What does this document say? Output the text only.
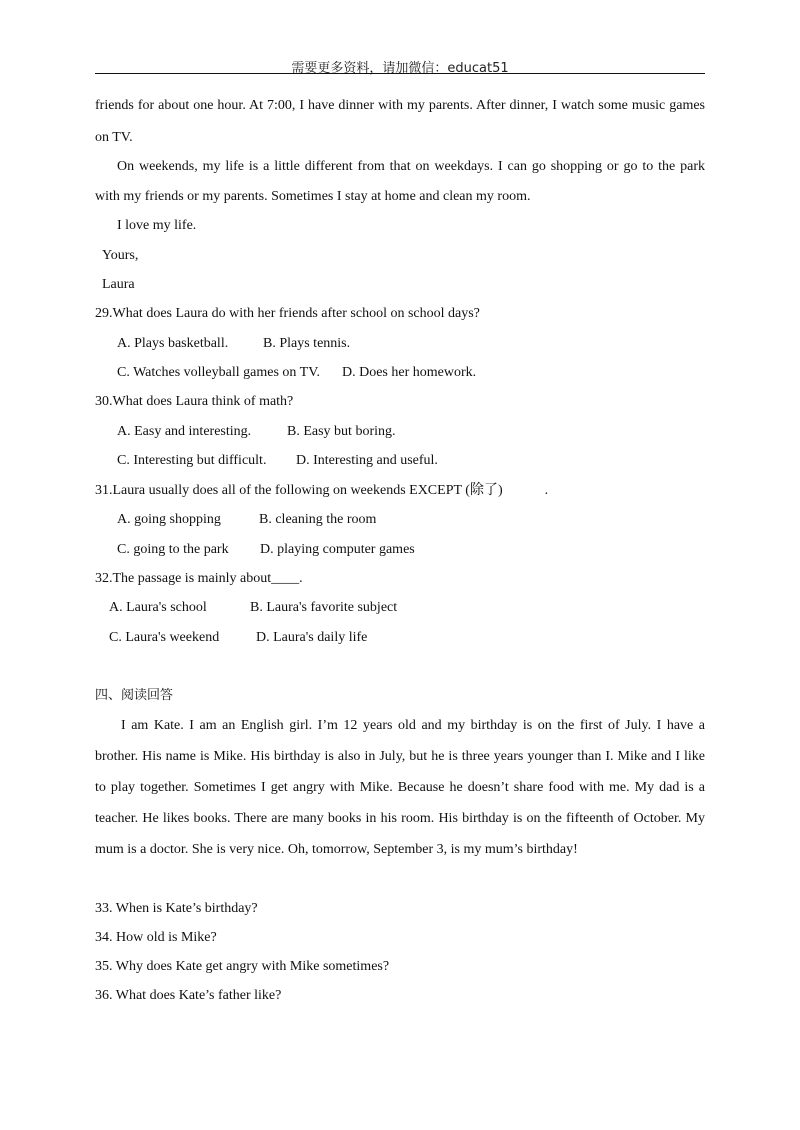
需要更多资料，请加微信：educat51
friends for about one hour. At 7:00, I have dinner with my parents. After dinner, I watch some music games
on TV.
On weekends, my life is a little different from that on weekdays. I can go shopping or go to the park
with my friends or my parents. Sometimes I stay at home and clean my room.
I love my life.
Yours,
Laura
29.What does Laura do with her friends after school on school days?
A. Plays basketball. B. Plays tennis.
C. Watches volleyball games on TV. D. Does her homework.
30.What does Laura think of math?
A. Easy and interesting.	B. Easy but boring.
C. Interesting but difficult. D. Interesting and useful.
31.Laura usually does all of the following on weekends EXCEPT (除了)　　　.
A. going shopping	B. cleaning the room
C. going to the park D. playing computer games
32.The passage is mainly about____.
A. Laura's school	B. Laura's favorite subject
C. Laura's weekend	D. Laura's daily life
四、阅读回答
I am Kate. I am an English girl. I’m 12 years old and my birthday is on the first of July. I have a
brother. His name is Mike. His birthday is also in July, but he is three years younger than I. Mike and I like
to play together. Sometimes I get angry with Mike. Because he doesn’t share food with me. My dad is a
teacher. He likes books. There are many books in his room. His birthday is on the fifteenth of October. My
mum is a doctor. She is very nice. Oh, tomorrow, September 3, is my mum’s birthday!
33. When is Kate’s birthday?
34. How old is Mike?
35. Why does Kate get angry with Mike sometimes?
36. What does Kate’s father like?
